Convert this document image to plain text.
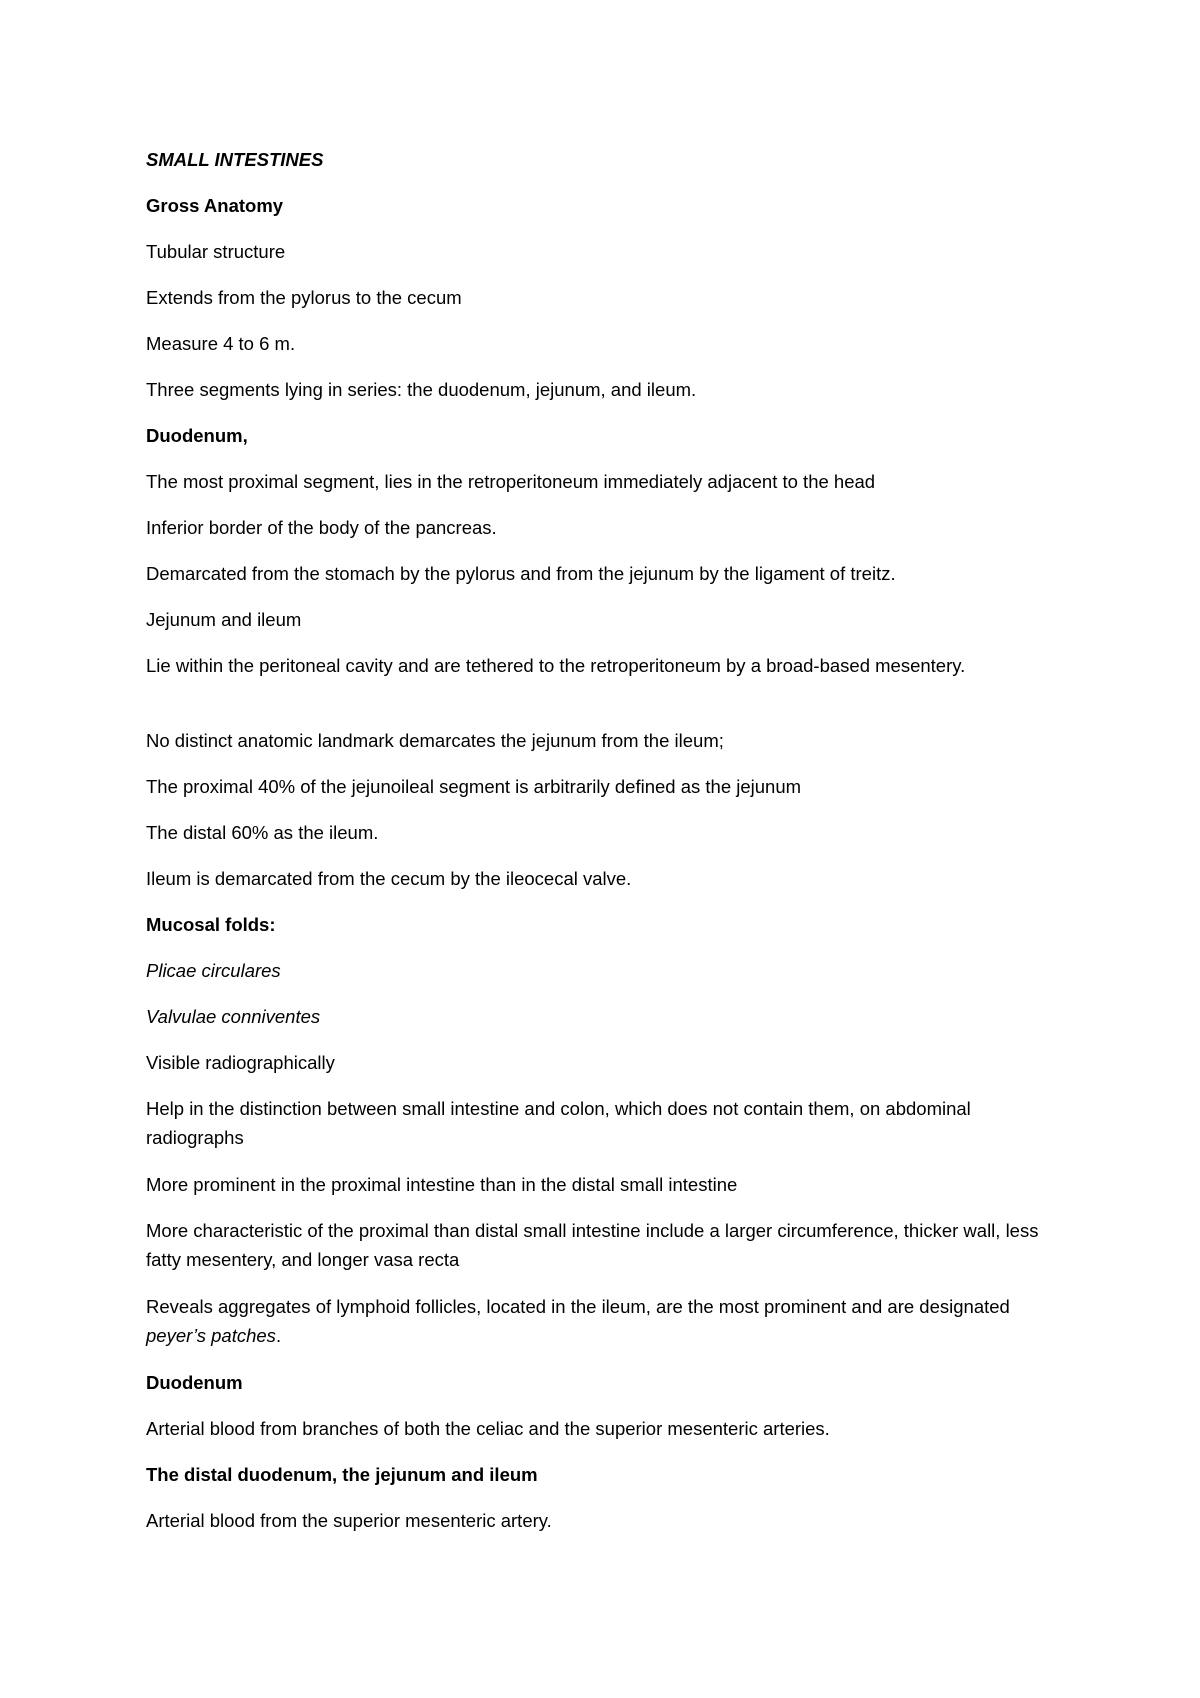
SMALL INTESTINES
Gross Anatomy
Tubular structure
Extends from the pylorus to the cecum
Measure 4 to 6 m.
Three segments lying in series: the duodenum, jejunum, and ileum.
Duodenum,
The most proximal segment, lies in the retroperitoneum immediately adjacent to the head
Inferior border of the body of the pancreas.
Demarcated from the stomach by the pylorus and from the jejunum by the ligament of treitz.
Jejunum and ileum
Lie within the peritoneal cavity and are tethered to the retroperitoneum by a broad-based mesentery.
No distinct anatomic landmark demarcates the jejunum from the ileum;
The proximal 40% of the jejunoileal segment is arbitrarily defined as the jejunum
The distal 60% as the ileum.
Ileum is demarcated from the cecum by the ileocecal valve.
Mucosal folds:
Plicae circulares
Valvulae conniventes
Visible radiographically
Help in the distinction between small intestine and colon, which does not contain them, on abdominal radiographs
More prominent in the proximal intestine than in the distal small intestine
More characteristic of the proximal than distal small intestine include a larger circumference, thicker wall, less fatty mesentery, and longer vasa recta
Reveals aggregates of lymphoid follicles, located in the ileum, are the most prominent and are designated peyer’s patches.
Duodenum
Arterial blood from branches of both the celiac and the superior mesenteric arteries.
The distal duodenum, the jejunum and ileum
Arterial blood from the superior mesenteric artery.
